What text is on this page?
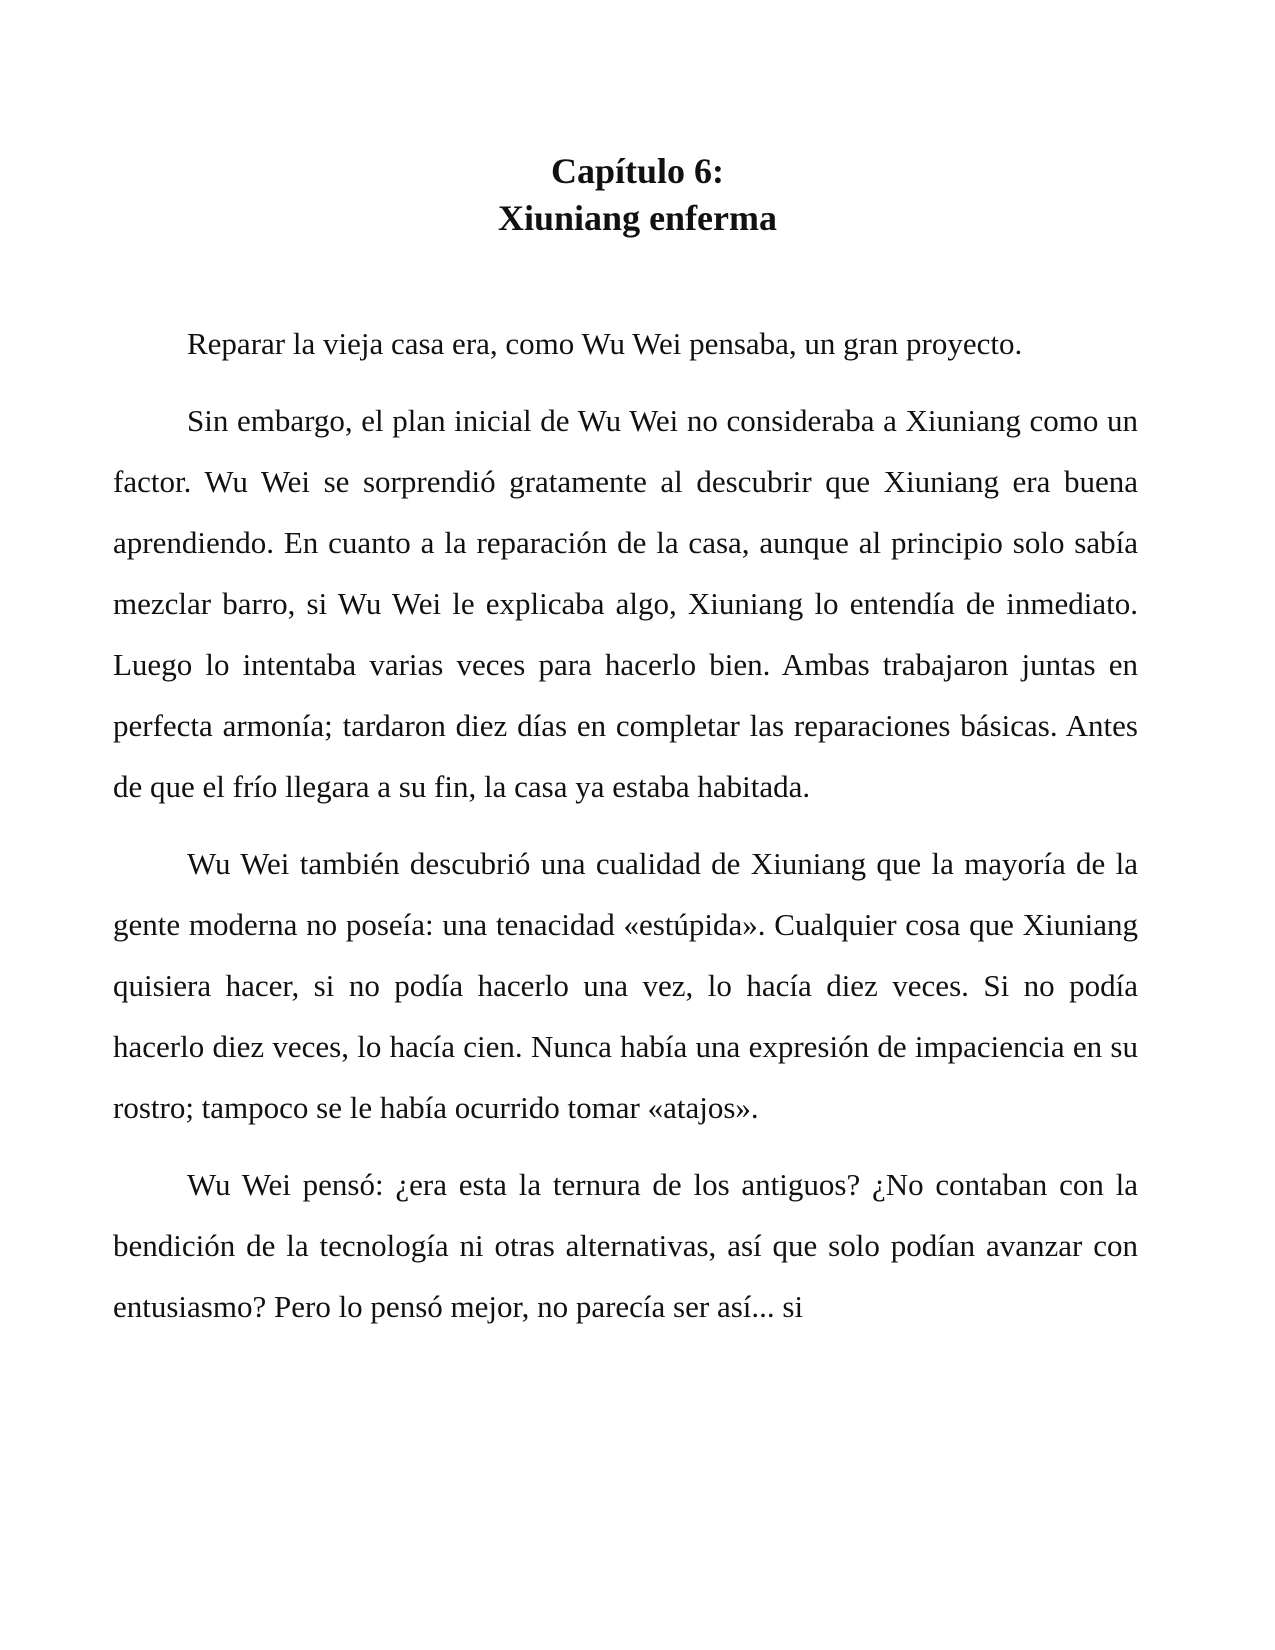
Capítulo 6:
Xiuniang enferma

Reparar la vieja casa era, como Wu Wei pensaba, un gran proyecto.

Sin embargo, el plan inicial de Wu Wei no consideraba a Xiuniang como un factor. Wu Wei se sorprendió gratamente al descubrir que Xiuniang era buena aprendiendo. En cuanto a la reparación de la casa, aunque al principio solo sabía mezclar barro, si Wu Wei le explicaba algo, Xiuniang lo entendía de inmediato. Luego lo intentaba varias veces para hacerlo bien. Ambas trabajaron juntas en perfecta armonía; tardaron diez días en completar las reparaciones básicas. Antes de que el frío llegara a su fin, la casa ya estaba habitada.

Wu Wei también descubrió una cualidad de Xiuniang que la mayoría de la gente moderna no poseía: una tenacidad «estúpida». Cualquier cosa que Xiuniang quisiera hacer, si no podía hacerlo una vez, lo hacía diez veces. Si no podía hacerlo diez veces, lo hacía cien. Nunca había una expresión de impaciencia en su rostro; tampoco se le había ocurrido tomar «atajos».

Wu Wei pensó: ¿era esta la ternura de los antiguos? ¿No contaban con la bendición de la tecnología ni otras alternativas, así que solo podían avanzar con entusiasmo? Pero lo pensó mejor, no parecía ser así... si
